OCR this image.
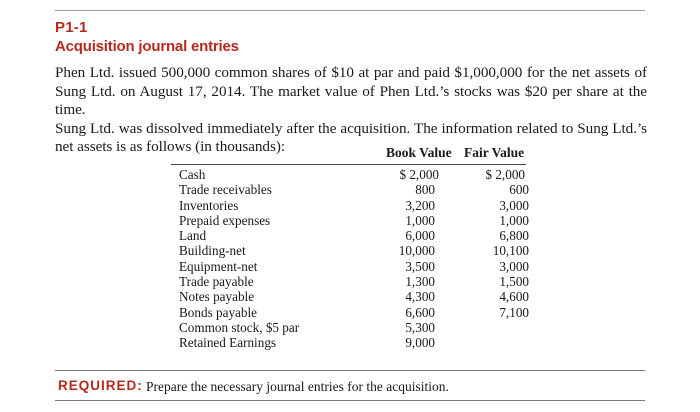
P1-1
Acquisition journal entries
Phen Ltd. issued 500,000 common shares of $10 at par and paid $1,000,000 for the net assets of
Sung Ltd. on August 17, 2014. The market value of Phen Ltd.’s stocks was $20 per share at the time.
Sung Ltd. was dissolved immediately after the acquisition. The information related to Sung Ltd.’s
net assets is as follows (in thousands):	Book Value Fair Value
Cash	$ 2,000	$ 2,000
Trade receivables	800	600
Inventories	3,200	3,000
Prepaid expenses	1,000	1,000
Land	6,000	6,800
Building-net	10,000	10,100
Equipment-net	3,500	3,000
Trade payable	1,300	1,500
Notes payable	4,300	4,600
Bonds payable	6,600	7,100
Common stock, $5 par	5,300
Retained Earnings	9,000
REQUIRED: Prepare the necessary journal entries for the acquisition.
